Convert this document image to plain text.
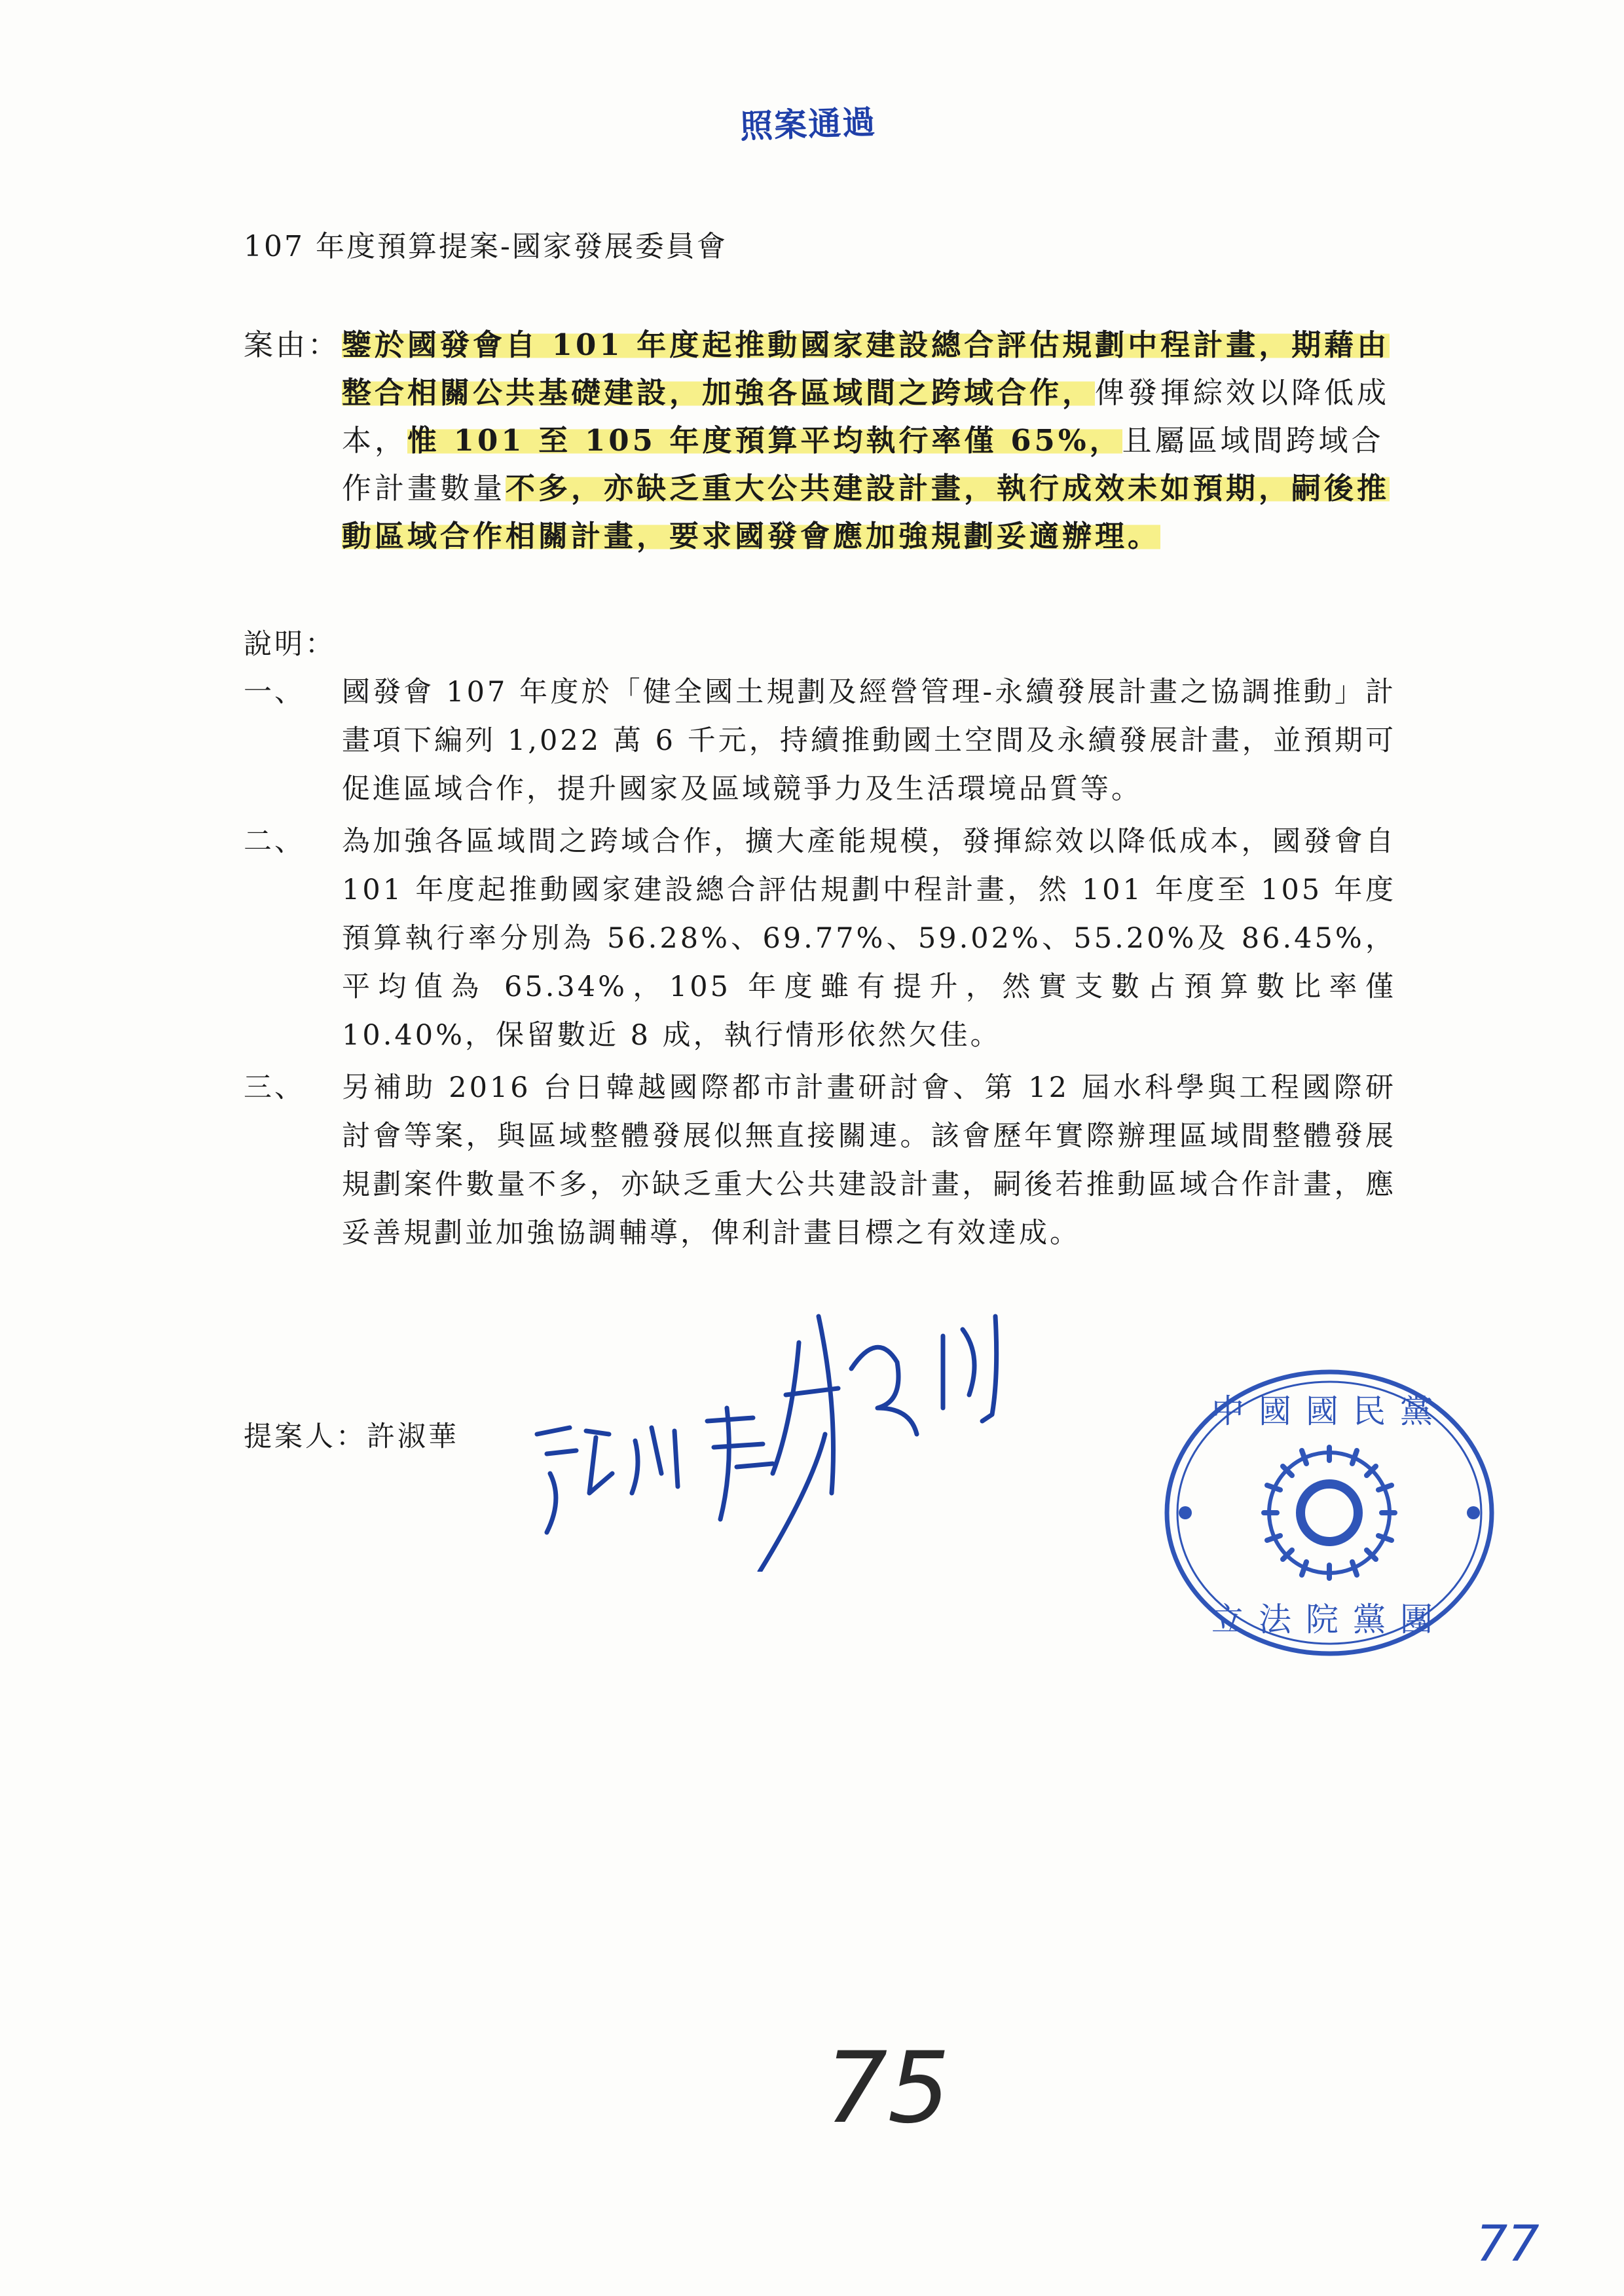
照案通過
107 年度預算提案-國家發展委員會
案由： 鑒於國發會自 101 年度起推動國家建設總合評估規劃中程計畫，期藉由整合相關公共基礎建設，加強各區域間之跨域合作，俾發揮綜效以降低成本，惟 101 至 105 年度預算平均執行率僅 65%，且屬區域間跨域合作計畫數量不多，亦缺乏重大公共建設計畫，執行成效未如預期，嗣後推動區域合作相關計畫，要求國發會應加強規劃妥適辦理。
說明：
一、	國發會 107 年度於「健全國土規劃及經營管理-永續發展計畫之協調推動」計畫項下編列 1,022 萬 6 千元，持續推動國土空間及永續發展計畫，並預期可促進區域合作，提升國家及區域競爭力及生活環境品質等。
二、	為加強各區域間之跨域合作，擴大產能規模，發揮綜效以降低成本，國發會自 101 年度起推動國家建設總合評估規劃中程計畫，然 101 年度至 105 年度預算執行率分別為 56.28%、69.77%、59.02%、55.20%及 86.45%，平均值為 65.34%，105 年度雖有提升，然實支數占預算數比率僅 10.40%，保留數近 8 成，執行情形依然欠佳。
三、	另補助 2016 台日韓越國際都市計畫研討會、第 12 屆水科學與工程國際研討會等案，與區域整體發展似無直接關連。該會歷年實際辦理區域間整體發展規劃案件數量不多，亦缺乏重大公共建設計畫，嗣後若推動區域合作計畫，應妥善規劃並加強協調輔導，俾利計畫目標之有效達成。
提案人：許淑華
中國國民黨
立法院黨團
75
77
